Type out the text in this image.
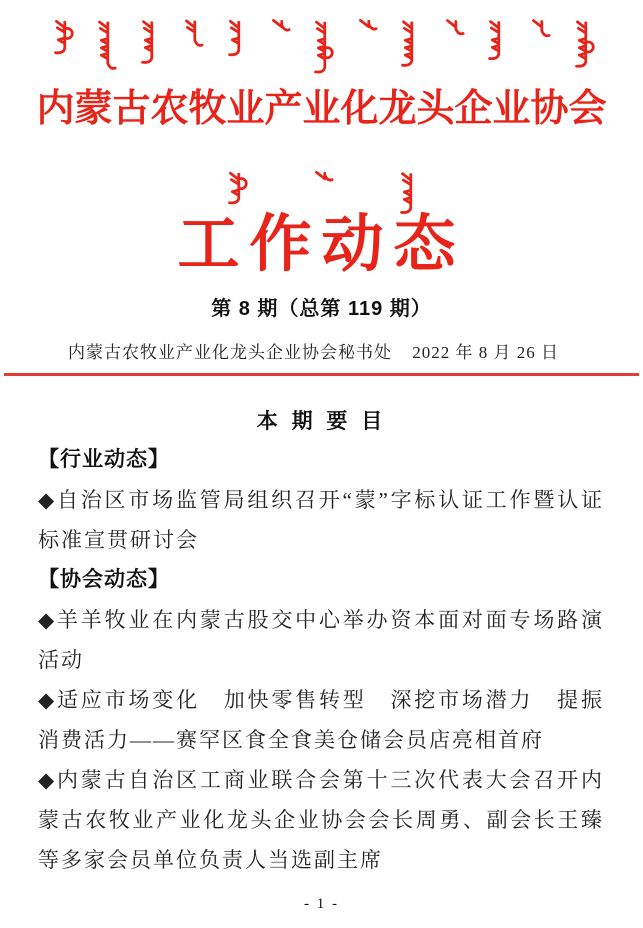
内蒙古农牧业产业化龙头企业协会
工作动态
第 8 期（总第 119 期）
内蒙古农牧业产业化龙头企业协会秘书处 2022 年 8 月 26 日
本 期 要 目
【行业动态】
◆自治区市场监管局组织召开“蒙”字标认证工作暨认证标准宣贯研讨会
【协会动态】
◆羊羊牧业在内蒙古股交中心举办资本面对面专场路演活动
◆适应市场变化　加快零售转型　深挖市场潜力　提振消费活力——赛罕区食全食美仓储会员店亮相首府
◆内蒙古自治区工商业联合会第十三次代表大会召开内蒙古农牧业产业化龙头企业协会会长周勇、副会长王臻等多家会员单位负责人当选副主席
- 1 -
